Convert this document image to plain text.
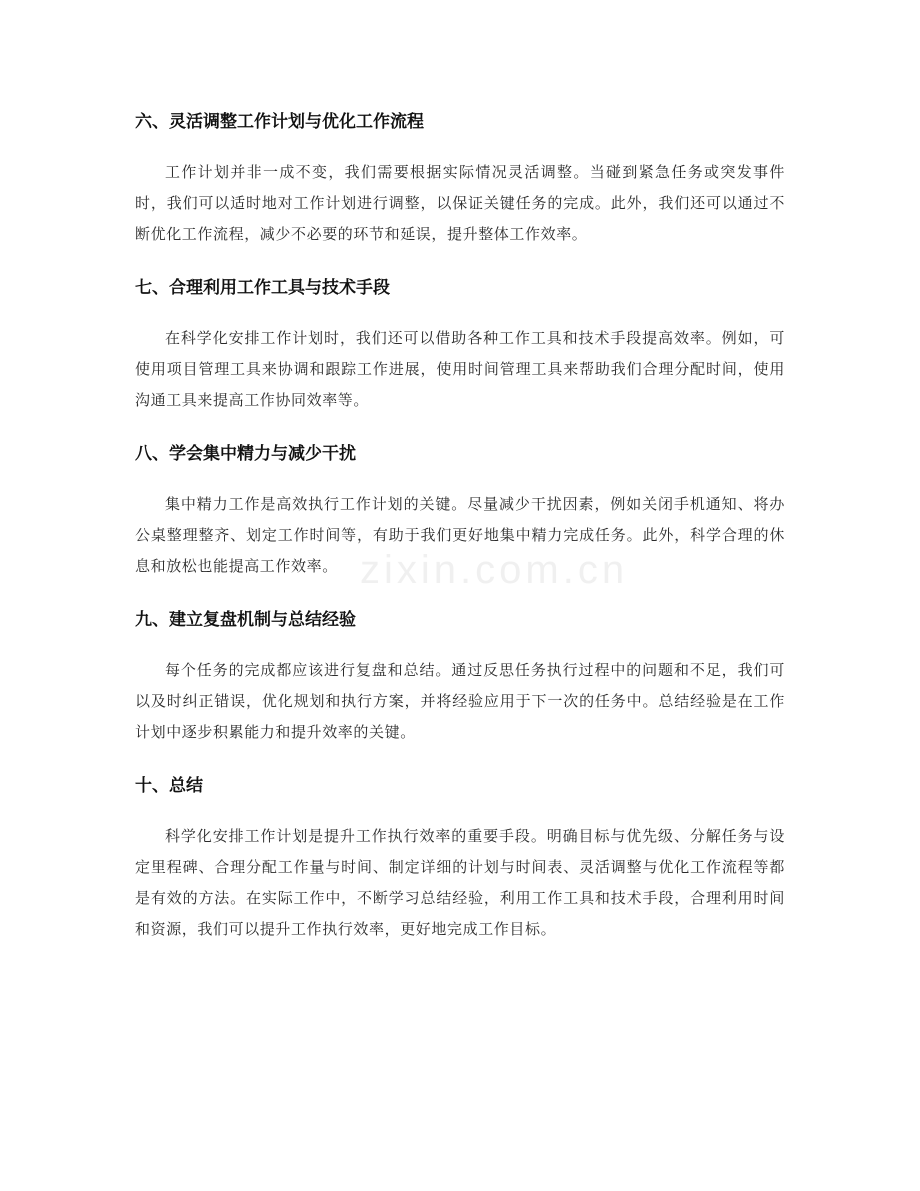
zixin.com.cn
六、灵活调整工作计划与优化工作流程

工作计划并非一成不变，我们需要根据实际情况灵活调整。当碰到紧急任务或突发事件时，我们可以适时地对工作计划进行调整，以保证关键任务的完成。此外，我们还可以通过不断优化工作流程，减少不必要的环节和延误，提升整体工作效率。

七、合理利用工作工具与技术手段

在科学化安排工作计划时，我们还可以借助各种工作工具和技术手段提高效率。例如，可使用项目管理工具来协调和跟踪工作进展，使用时间管理工具来帮助我们合理分配时间，使用沟通工具来提高工作协同效率等。

八、学会集中精力与减少干扰

集中精力工作是高效执行工作计划的关键。尽量减少干扰因素，例如关闭手机通知、将办公桌整理整齐、划定工作时间等，有助于我们更好地集中精力完成任务。此外，科学合理的休息和放松也能提高工作效率。

九、建立复盘机制与总结经验

每个任务的完成都应该进行复盘和总结。通过反思任务执行过程中的问题和不足，我们可以及时纠正错误，优化规划和执行方案，并将经验应用于下一次的任务中。总结经验是在工作计划中逐步积累能力和提升效率的关键。

十、总结

科学化安排工作计划是提升工作执行效率的重要手段。明确目标与优先级、分解任务与设定里程碑、合理分配工作量与时间、制定详细的计划与时间表、灵活调整与优化工作流程等都是有效的方法。在实际工作中，不断学习总结经验，利用工作工具和技术手段，合理利用时间和资源，我们可以提升工作执行效率，更好地完成工作目标。
